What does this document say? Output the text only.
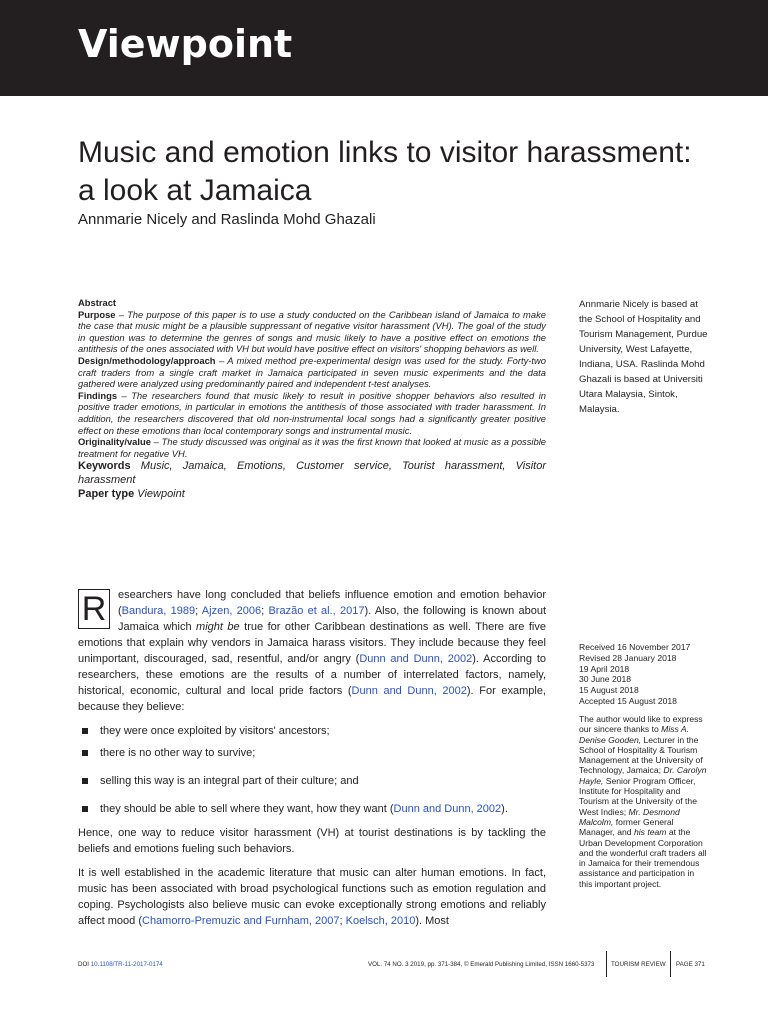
Viewpoint
Music and emotion links to visitor harassment:
a look at Jamaica
Annmarie Nicely and Raslinda Mohd Ghazali

Abstract

Purpose – The purpose of this paper is to use a study conducted on the Caribbean island of Jamaica to make the case that music might be a plausible suppressant of negative visitor harassment (VH). The goal of the study in question was to determine the genres of songs and music likely to have a positive effect on emotions the antithesis of the ones associated with VH but would have positive effect on visitors' shopping behaviors as well.

Design/methodology/approach – A mixed method pre-experimental design was used for the study. Forty-two craft traders from a single craft market in Jamaica participated in seven music experiments and the data gathered were analyzed using predominantly paired and independent t-test analyses.

Findings – The researchers found that music likely to result in positive shopper behaviors also resulted in positive trader emotions, in particular in emotions the antithesis of those associated with trader harassment. In addition, the researchers discovered that old non-instrumental local songs had a significantly greater positive effect on these emotions than local contemporary songs and instrumental music.

Originality/value – The study discussed was original as it was the first known that looked at music as a possible treatment for negative VH.

Keywords Music, Jamaica, Emotions, Customer service, Tourist harassment, Visitor harassment

Paper type Viewpoint

Annmarie Nicely is based at the School of Hospitality and Tourism Management, Purdue University, West Lafayette, Indiana, USA. Raslinda Mohd Ghazali is based at Universiti Utara Malaysia, Sintok, Malaysia.

R	esearchers have long concluded that beliefs influence emotion and emotion behavior (Bandura, 1989; Ajzen, 2006; Brazão et al., 2017). Also, the following is known about Jamaica which might be true for other Caribbean destinations as well. There are five emotions that explain why vendors in Jamaica harass visitors. They include because they feel unimportant, discouraged, sad, resentful, and/or angry (Dunn and Dunn, 2002). According to researchers, these emotions are the results of a number of interrelated factors, namely, historical, economic, cultural and local pride factors (Dunn and Dunn, 2002). For example, because they believe:

they were once exploited by visitors' ancestors;
there is no other way to survive;
selling this way is an integral part of their culture; and
they should be able to sell where they want, how they want (Dunn and Dunn, 2002).

Hence, one way to reduce visitor harassment (VH) at tourist destinations is by tackling the beliefs and emotions fueling such behaviors.

It is well established in the academic literature that music can alter human emotions. In fact, music has been associated with broad psychological functions such as emotion regulation and coping. Psychologists also believe music can evoke exceptionally strong emotions and reliably affect mood (Chamorro-Premuzic and Furnham, 2007; Koelsch, 2010). Most

Received 16 November 2017
Revised 28 January 2018
19 April 2018
30 June 2018
15 August 2018
Accepted 15 August 2018
The author would like to express our sincere thanks to Miss A. Denise Gooden, Lecturer in the School of Hospitality & Tourism Management at the University of Technology, Jamaica; Dr. Carolyn Hayle, Senior Program Officer, Institute for Hospitality and Tourism at the University of the West Indies; Mr. Desmond Malcolm, former General Manager, and his team at the Urban Development Corporation and the wonderful craft traders all in Jamaica for their tremendous assistance and participation in this important project.
DOI 10.1108/TR-11-2017-0174	VOL. 74 NO. 3 2019, pp. 371-384, © Emerald Publishing Limited, ISSN 1660-5373	TOURISM REVIEW PAGE 371
